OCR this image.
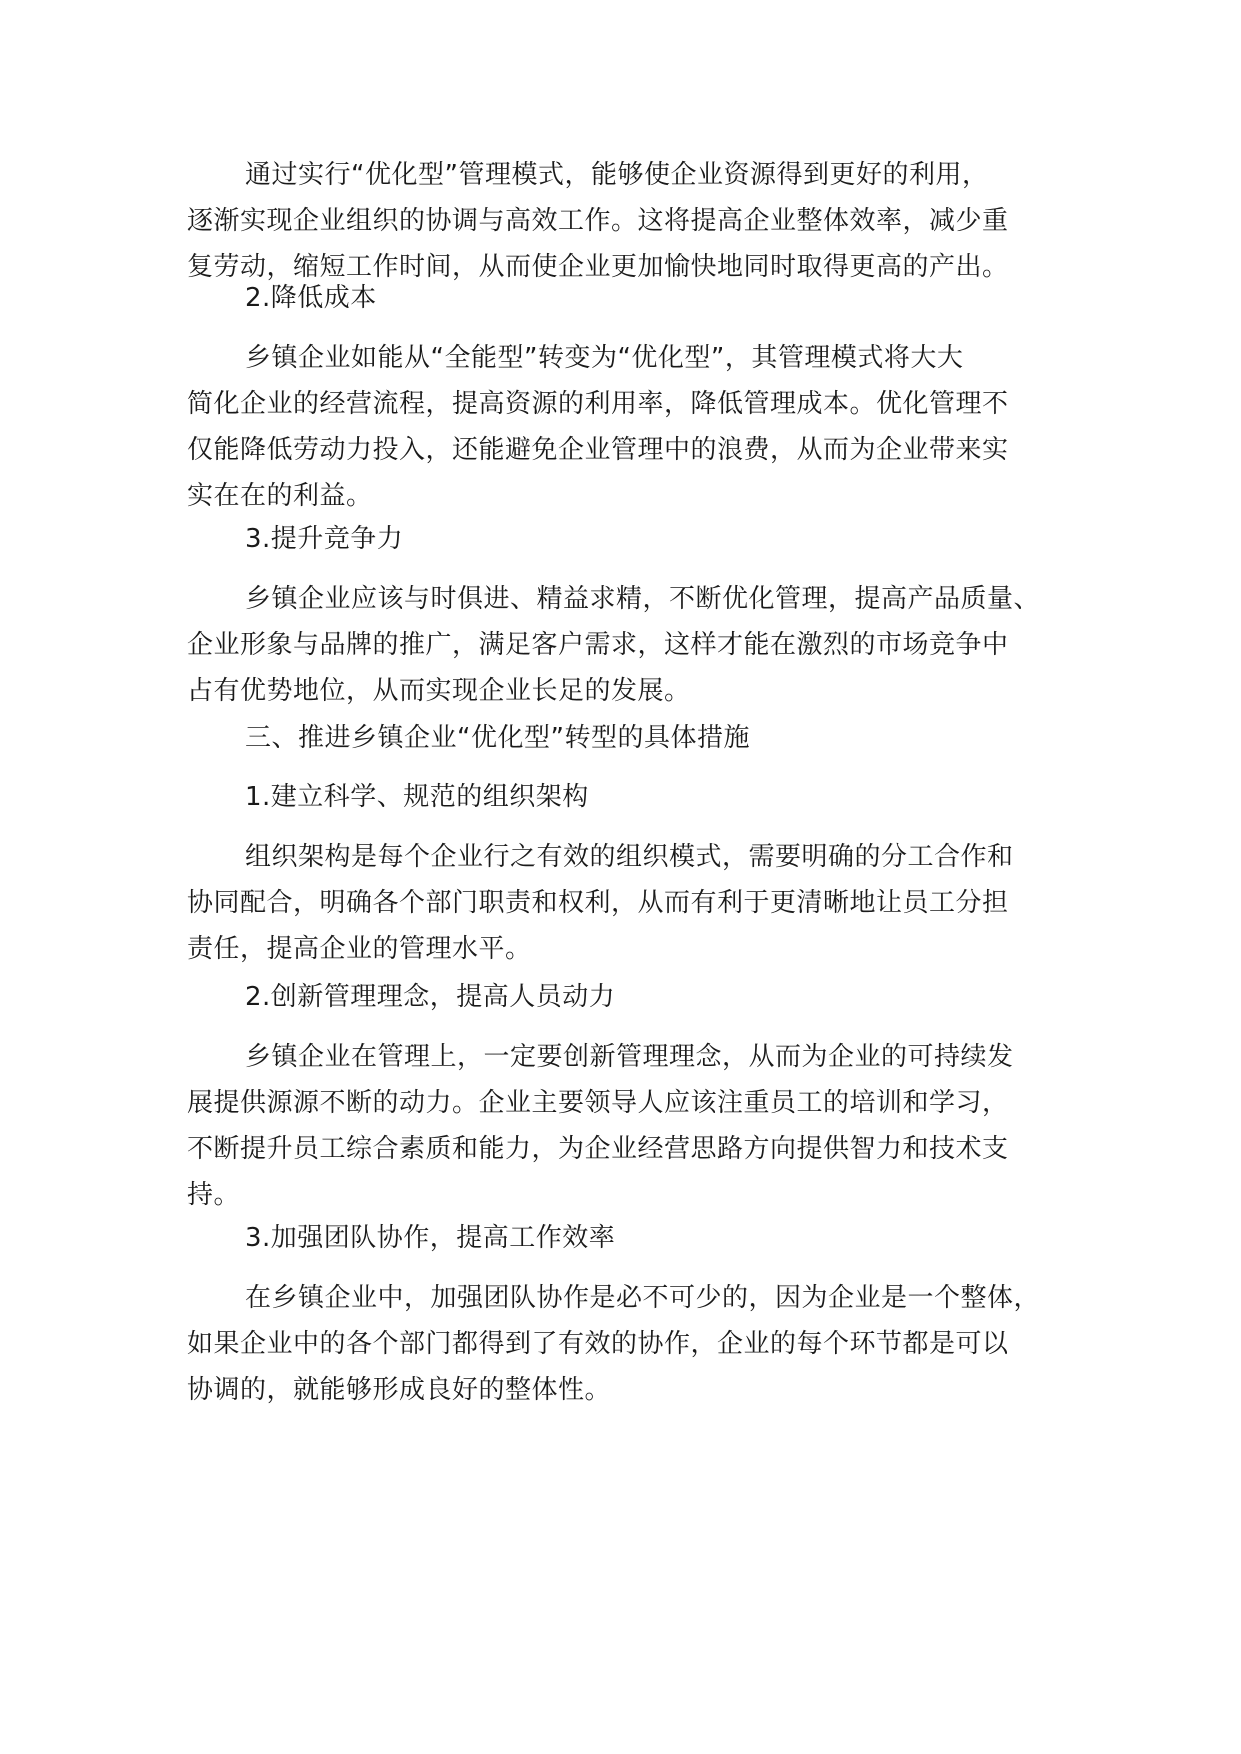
通过实行“优化型”管理模式，能够使企业资源得到更好的利用，
逐渐实现企业组织的协调与高效工作。这将提高企业整体效率，减少重
复劳动，缩短工作时间，从而使企业更加愉快地同时取得更高的产出。

2.降低成本

乡镇企业如能从“全能型”转变为“优化型”，其管理模式将大大
简化企业的经营流程，提高资源的利用率，降低管理成本。优化管理不
仅能降低劳动力投入，还能避免企业管理中的浪费，从而为企业带来实
实在在的利益。

3.提升竞争力

乡镇企业应该与时俱进、精益求精，不断优化管理，提高产品质量、
企业形象与品牌的推广，满足客户需求，这样才能在激烈的市场竞争中
占有优势地位，从而实现企业长足的发展。

三、推进乡镇企业“优化型”转型的具体措施

1.建立科学、规范的组织架构

组织架构是每个企业行之有效的组织模式，需要明确的分工合作和
协同配合，明确各个部门职责和权利，从而有利于更清晰地让员工分担
责任，提高企业的管理水平。

2.创新管理理念，提高人员动力

乡镇企业在管理上，一定要创新管理理念，从而为企业的可持续发
展提供源源不断的动力。企业主要领导人应该注重员工的培训和学习，
不断提升员工综合素质和能力，为企业经营思路方向提供智力和技术支
持。

3.加强团队协作，提高工作效率

在乡镇企业中，加强团队协作是必不可少的，因为企业是一个整体，
如果企业中的各个部门都得到了有效的协作，企业的每个环节都是可以
协调的，就能够形成良好的整体性。
